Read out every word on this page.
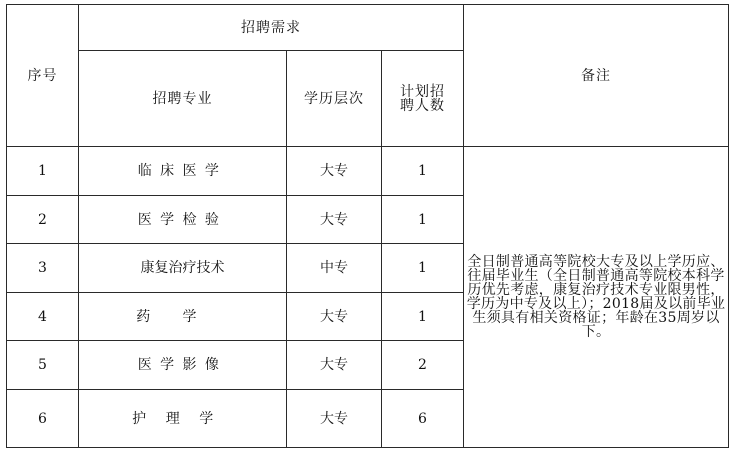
序号	招聘需求			备注
	招聘专业	学历层次	计划招
聘人数	

1	临床医学	大专	1	全日制普通高等院校大专及以上学历应、往届毕业生（全日制普通高等院校本科学历优先考虑，康复治疗技术专业限男性，学历为中专及以上）；2018届及以前毕业生须具有相关资格证；年龄在35周岁以下。
2	医学检验	大专	1	
3	康复治疗技术	中专	1	
4	药学	大专	1	
5	医学影像	大专	2	
6	护理学	大专	6	
